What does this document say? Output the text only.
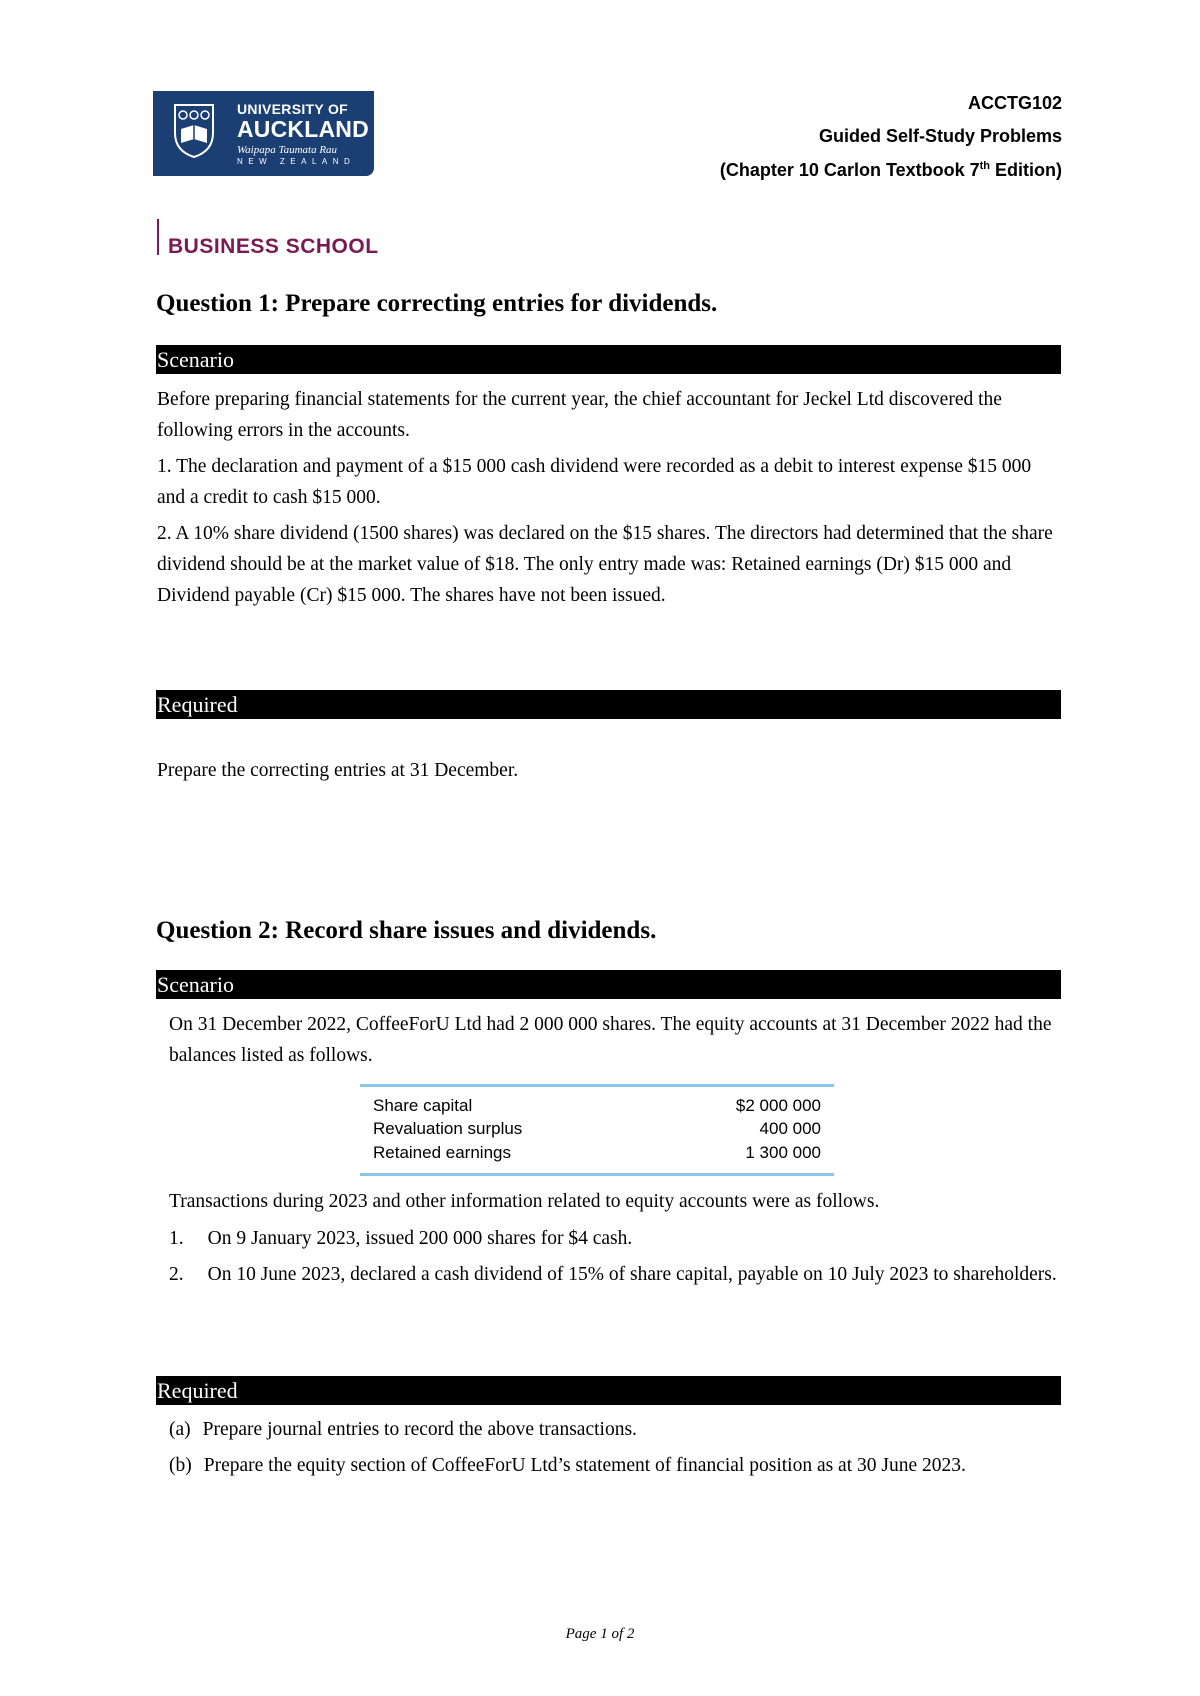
UNIVERSITY OF
AUCKLAND
Waipapa Taumata Rau
NEW ZEALAND
BUSINESS SCHOOL
ACCTG102
Guided Self-Study Problems
(Chapter 10 Carlon Textbook 7th Edition)
Question 1: Prepare correcting entries for dividends.
Scenario
Before preparing financial statements for the current year, the chief accountant for Jeckel Ltd discovered the following errors in the accounts.
1. The declaration and payment of a $15 000 cash dividend were recorded as a debit to interest expense $15 000 and a credit to cash $15 000.
2. A 10% share dividend (1500 shares) was declared on the $15 shares. The directors had determined that the share dividend should be at the market value of $18. The only entry made was: Retained earnings (Dr) $15 000 and Dividend payable (Cr) $15 000. The shares have not been issued.
Required
Prepare the correcting entries at 31 December.
Question 2: Record share issues and dividends.
Scenario
On 31 December 2022, CoffeeForU Ltd had 2 000 000 shares. The equity accounts at 31 December 2022 had the balances listed as follows.
Share capital	$2 000 000
Revaluation surplus	400 000
Retained earnings	1 300 000
Transactions during 2023 and other information related to equity accounts were as follows.
1. On 9 January 2023, issued 200 000 shares for $4 cash.
2. On 10 June 2023, declared a cash dividend of 15% of share capital, payable on 10 July 2023 to shareholders.
Required
(a) Prepare journal entries to record the above transactions.
(b) Prepare the equity section of CoffeeForU Ltd’s statement of financial position as at 30 June 2023.
Page 1 of 2
